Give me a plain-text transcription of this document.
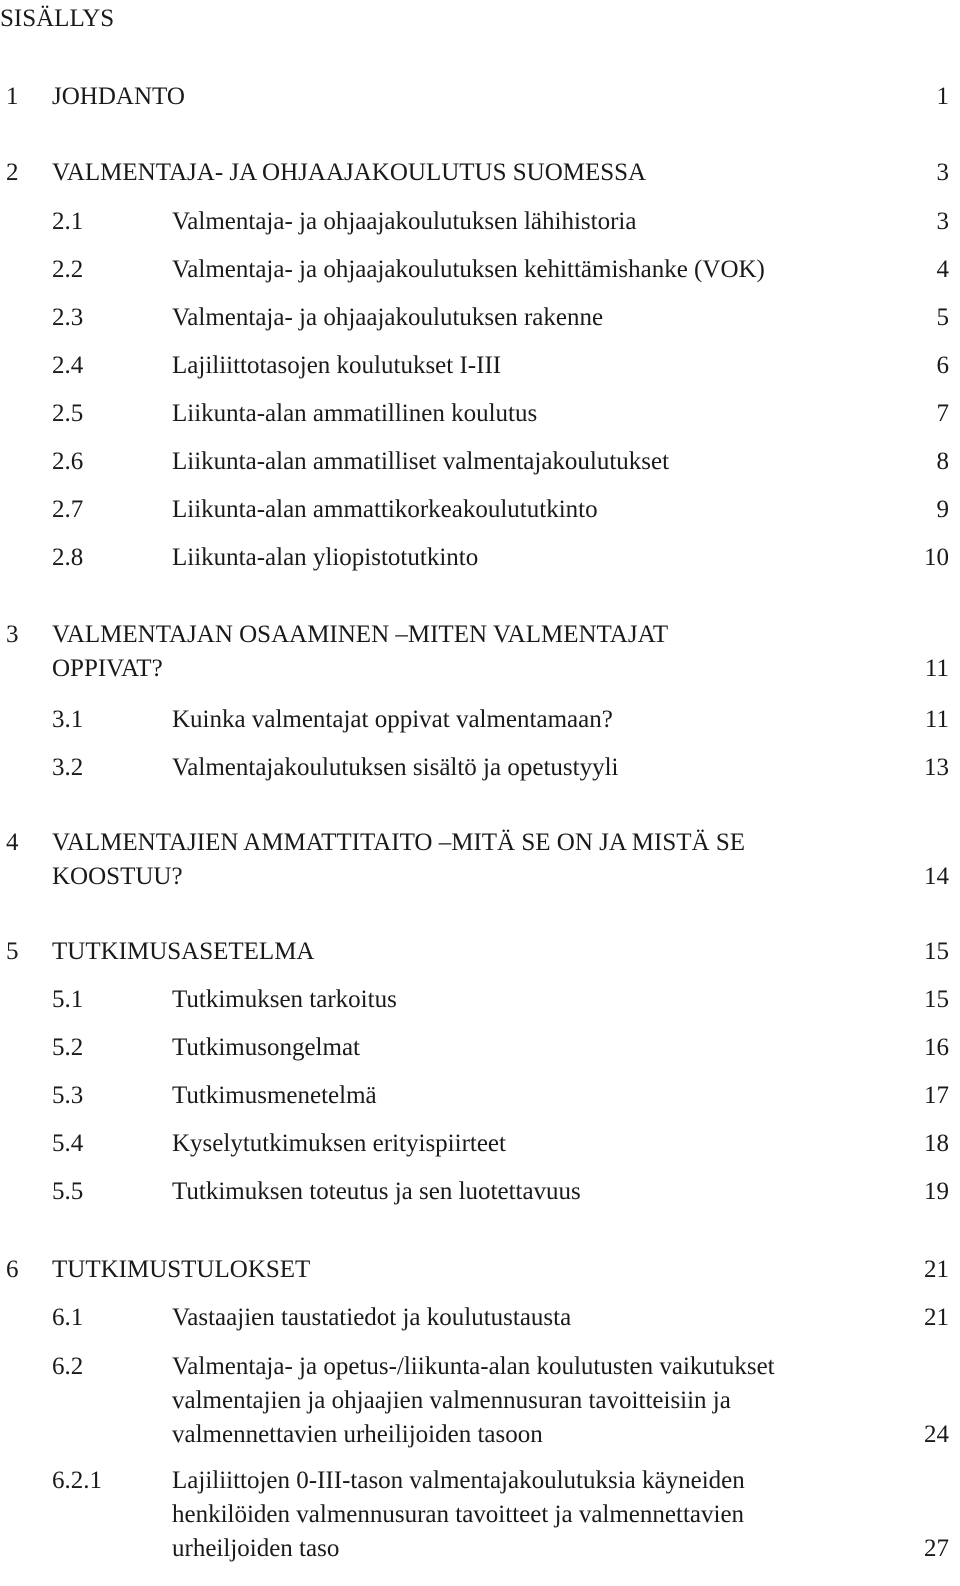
SISÄLLYS
1 JOHDANTO	1
2 VALMENTAJA- JA OHJAAJAKOULUTUS SUOMESSA	3
2.1	Valmentaja- ja ohjaajakoulutuksen lähihistoria	3
2.2	Valmentaja- ja ohjaajakoulutuksen kehittämishanke (VOK)	4
2.3	Valmentaja- ja ohjaajakoulutuksen rakenne	5
2.4	Lajiliittotasojen koulutukset I-III	6
2.5	Liikunta-alan ammatillinen koulutus	7
2.6	Liikunta-alan ammatilliset valmentajakoulutukset	8
2.7	Liikunta-alan ammattikorkeakoulututkinto	9
2.8	Liikunta-alan yliopistotutkinto	10
3 VALMENTAJAN OSAAMINEN –MITEN VALMENTAJAT
OPPIVAT?	11
3.1	Kuinka valmentajat oppivat valmentamaan?	11
3.2	Valmentajakoulutuksen sisältö ja opetustyyli	13
4 VALMENTAJIEN AMMATTITAITO –MITÄ SE ON JA MISTÄ SE
KOOSTUU?	14
5 TUTKIMUSASETELMA	15
5.1	Tutkimuksen tarkoitus	15
5.2	Tutkimusongelmat	16
5.3	Tutkimusmenetelmä	17
5.4	Kyselytutkimuksen erityispiirteet	18
5.5	Tutkimuksen toteutus ja sen luotettavuus	19
6 TUTKIMUSTULOKSET	21
6.1	Vastaajien taustatiedot ja koulutustausta	21
6.2	Valmentaja- ja opetus-/liikunta-alan koulutusten vaikutukset
valmentajien ja ohjaajien valmennusuran tavoitteisiin ja
valmennettavien urheilijoiden tasoon	24
6.2.1	Lajiliittojen 0-III-tason valmentajakoulutuksia käyneiden
henkilöiden valmennusuran tavoitteet ja valmennettavien
urheiljoiden taso	27
